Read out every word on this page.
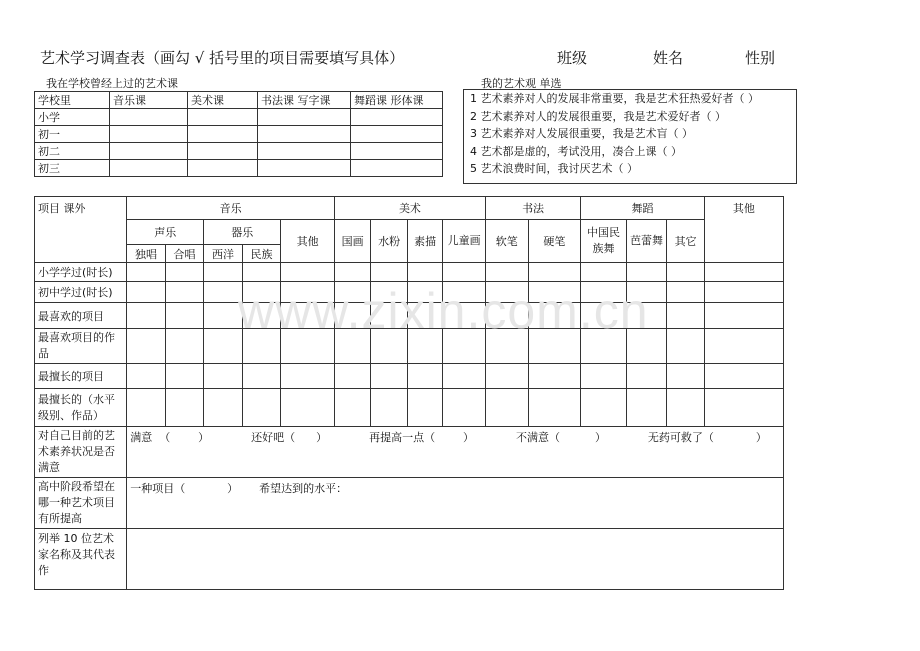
艺术学习调查表（画勾 √ 括号里的项目需要填写具体）	班级	姓名	性别
我在学校曾经上过的艺术课
学校里	音乐课	美术课	书法课 写字课	舞蹈课 形体课
小学				
初一				
初二				
初三				
我的艺术观 单选
1 艺术素养对人的发展非常重要，我是艺术狂热爱好者（ ）
2 艺术素养对人的发展很重要，我是艺术爱好者（ ）
3 艺术素养对人发展很重要，我是艺术盲（ ）
4 艺术都是虚的，考试没用，凑合上课（ ）
5 艺术浪费时间，我讨厌艺术（ ）
项目 课外	音乐					美术				书法		舞蹈			其他
	声乐		器乐		其他	国画	水粉	素描	儿童画	软笔	硬笔	中国民族舞	芭蕾舞	其它	
	独唱	合唱	西洋	民族											
小学学过(时长)															
初中学过(时长)															
最喜欢的项目															
最喜欢项目的作品															
最擅长的项目															
最擅长的（水平级别、作品）															
对自己目前的艺术素养状况是否满意	满意  （        ）            还好吧（      ）            再提高一点（        ）            不满意（          ）            无药可救了（            ）														
高中阶段希望在哪一种艺术项目有所提高	一种项目（            ）      希望达到的水平：														
列举 10 位艺术家名称及其代表作															
www.zixin.com.cn
